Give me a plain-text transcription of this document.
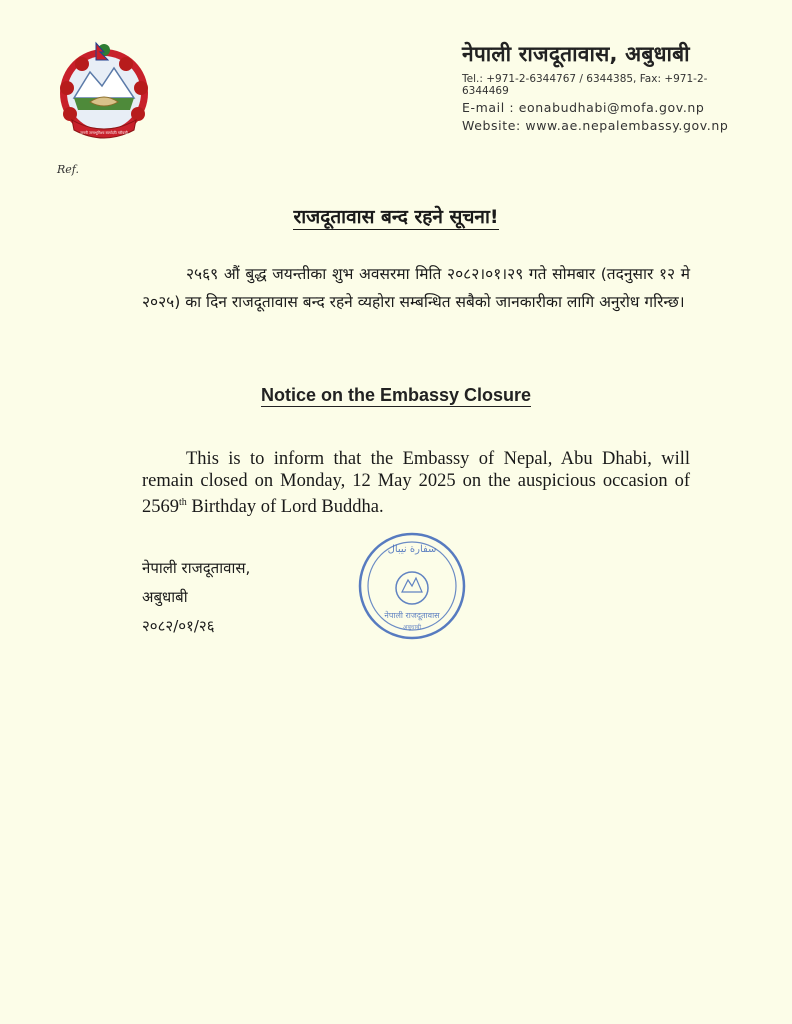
जननी जन्मभूमिश्च स्वर्गादपि गरीयसी
नेपाली राजदूतावास, अबुधाबी
Tel.: +971-2-6344767 / 6344385, Fax: +971-2-6344469
E-mail : eonabudhabi@mofa.gov.np
Website: www.ae.nepalembassy.gov.np
Ref.
राजदूतावास बन्द रहने सूचना!
२५६९ औं बुद्ध जयन्तीका शुभ अवसरमा मिति २०८२।०१।२९ गते सोमबार (तदनुसार १२ मे २०२५) का दिन राजदूतावास बन्द रहने व्यहोरा सम्बन्धित सबैको जानकारीका लागि अनुरोध गरिन्छ।
Notice on the Embassy Closure
This is to inform that the Embassy of Nepal, Abu Dhabi, will remain closed on Monday, 12 May 2025 on the auspicious occasion of 2569th Birthday of Lord Buddha.
नेपाली राजदूतावास,
अबुधाबी
२०८२/०१/२६
سفارة نيبال
नेपाली राजदूतावास
अबुधाबी
